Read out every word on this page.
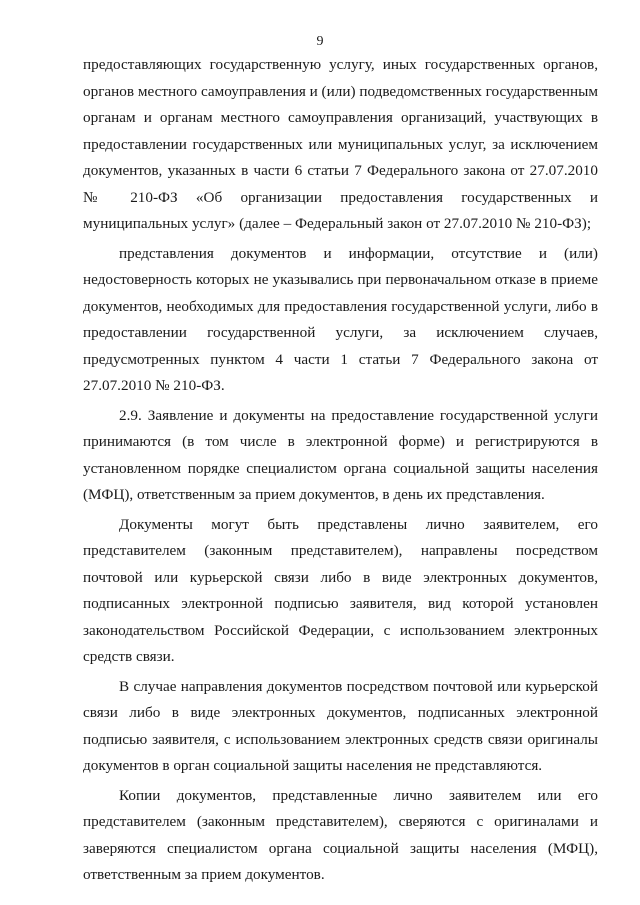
9

предоставляющих государственную услугу, иных государственных органов, органов местного самоуправления и (или) подведомственных государственным органам и органам местного самоуправления организаций, участвующих в предоставлении государственных или муниципальных услуг, за исключением документов, указанных в части 6 статьи 7 Федерального закона от 27.07.2010 № 210-ФЗ «Об организации предоставления государственных и муниципальных услуг» (далее – Федеральный закон от 27.07.2010 № 210-ФЗ);

представления документов и информации, отсутствие и (или) недостоверность которых не указывались при первоначальном отказе в приеме документов, необходимых для предоставления государственной услуги, либо в предоставлении государственной услуги, за исключением случаев, предусмотренных пунктом 4 части 1 статьи 7 Федерального закона от 27.07.2010 № 210-ФЗ.

2.9. Заявление и документы на предоставление государственной услуги принимаются (в том числе в электронной форме) и регистрируются в установленном порядке специалистом органа социальной защиты населения (МФЦ), ответственным за прием документов, в день их представления.

Документы могут быть представлены лично заявителем, его представителем (законным представителем), направлены посредством почтовой или курьерской связи либо в виде электронных документов, подписанных электронной подписью заявителя, вид которой установлен законодательством Российской Федерации, с использованием электронных средств связи.

В случае направления документов посредством почтовой или курьерской связи либо в виде электронных документов, подписанных электронной подписью заявителя, с использованием электронных средств связи оригиналы документов в орган социальной защиты населения не представляются.

Копии документов, представленные лично заявителем или его представителем (законным представителем), сверяются с оригиналами и заверяются специалистом органа социальной защиты населения (МФЦ), ответственным за прием документов.
